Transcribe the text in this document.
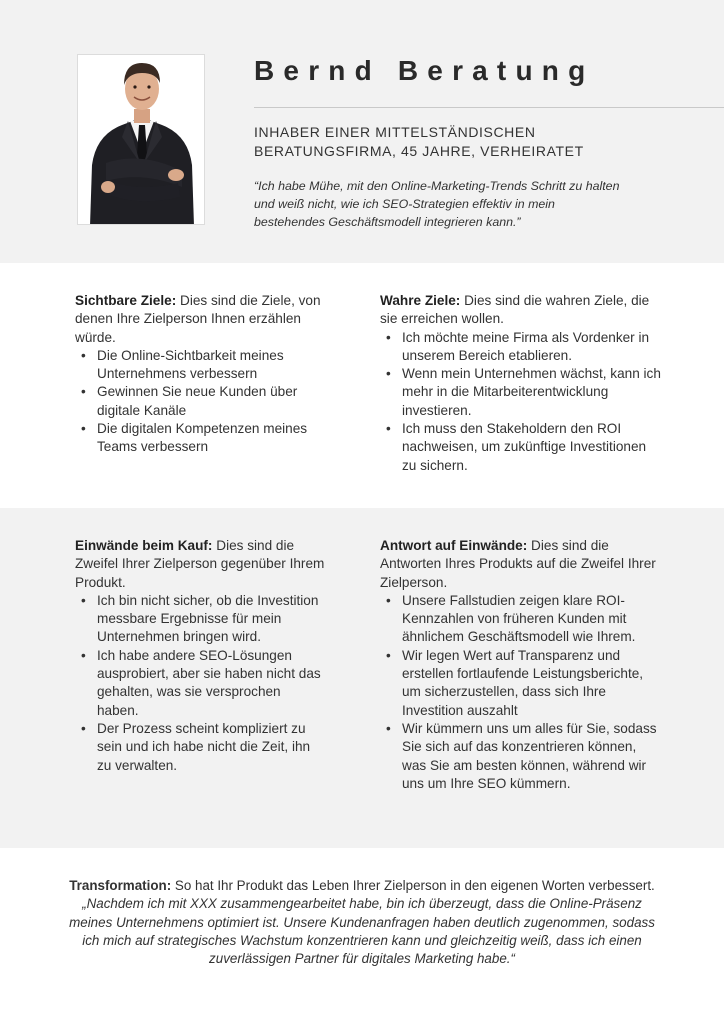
Bernd Beratung
INHABER EINER MITTELSTÄNDISCHEN BERATUNGSFIRMA, 45 JAHRE, VERHEIRATET
“Ich habe Mühe, mit den Online-Marketing-Trends Schritt zu halten und weiß nicht, wie ich SEO-Strategien effektiv in mein bestehendes Geschäftsmodell integrieren kann.”

Sichtbare Ziele: Dies sind die Ziele, von denen Ihre Zielperson Ihnen erzählen würde.

• Die Online-Sichtbarkeit meines Unternehmens verbessern
• Gewinnen Sie neue Kunden über digitale Kanäle
• Die digitalen Kompetenzen meines Teams verbessern

Wahre Ziele: Dies sind die wahren Ziele, die sie erreichen wollen.

• Ich möchte meine Firma als Vordenker in unserem Bereich etablieren.
• Wenn mein Unternehmen wächst, kann ich mehr in die Mitarbeiterentwicklung investieren.
• Ich muss den Stakeholdern den ROI nachweisen, um zukünftige Investitionen zu sichern.

Einwände beim Kauf: Dies sind die Zweifel Ihrer Zielperson gegenüber Ihrem Produkt.

• Ich bin nicht sicher, ob die Investition messbare Ergebnisse für mein Unternehmen bringen wird.
• Ich habe andere SEO-Lösungen ausprobiert, aber sie haben nicht das gehalten, was sie versprochen haben.
• Der Prozess scheint kompliziert zu sein und ich habe nicht die Zeit, ihn zu verwalten.

Antwort auf Einwände: Dies sind die Antworten Ihres Produkts auf die Zweifel Ihrer Zielperson.

• Unsere Fallstudien zeigen klare ROI-Kennzahlen von früheren Kunden mit ähnlichem Geschäftsmodell wie Ihrem.
• Wir legen Wert auf Transparenz und erstellen fortlaufende Leistungsberichte, um sicherzustellen, dass sich Ihre Investition auszahlt
• Wir kümmern uns um alles für Sie, sodass Sie sich auf das konzentrieren können, was Sie am besten können, während wir uns um Ihre SEO kümmern.

Transformation: So hat Ihr Produkt das Leben Ihrer Zielperson in den eigenen Worten verbessert.

„Nachdem ich mit XXX zusammengearbeitet habe, bin ich überzeugt, dass die Online-Präsenz meines Unternehmens optimiert ist. Unsere Kundenanfragen haben deutlich zugenommen, sodass ich mich auf strategisches Wachstum konzentrieren kann und gleichzeitig weiß, dass ich einen zuverlässigen Partner für digitales Marketing habe.“
